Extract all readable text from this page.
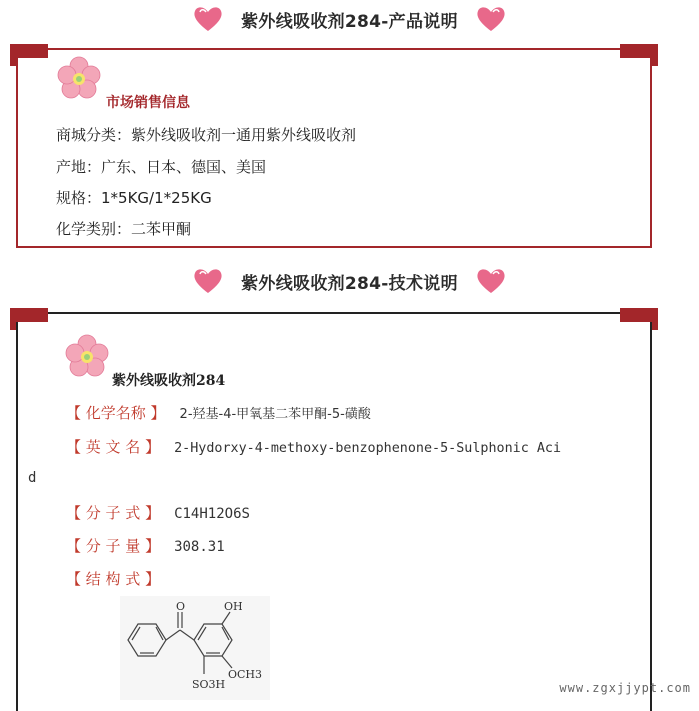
紫外线吸收剂284-产品说明
市场销售信息
商城分类：紫外线吸收剂一通用紫外线吸收剂
产地：广东、日本、德国、美国
规格：1*5KG/1*25KG
化学类别：二苯甲酮
紫外线吸收剂284-技术说明
紫外线吸收剂284
【 化学名称 】 2-羟基-4-甲氧基二苯甲酮-5-磺酸
【 英 文 名 】 2-Hydorxy-4-methoxy-benzophenone-5-Sulphonic Aci
d
【 分 子 式 】 C14H12O6S
【 分 子 量 】 308.31
【 结 构 式 】
O	OH
OCH3
SO3H	www.zgxjjypt.com
